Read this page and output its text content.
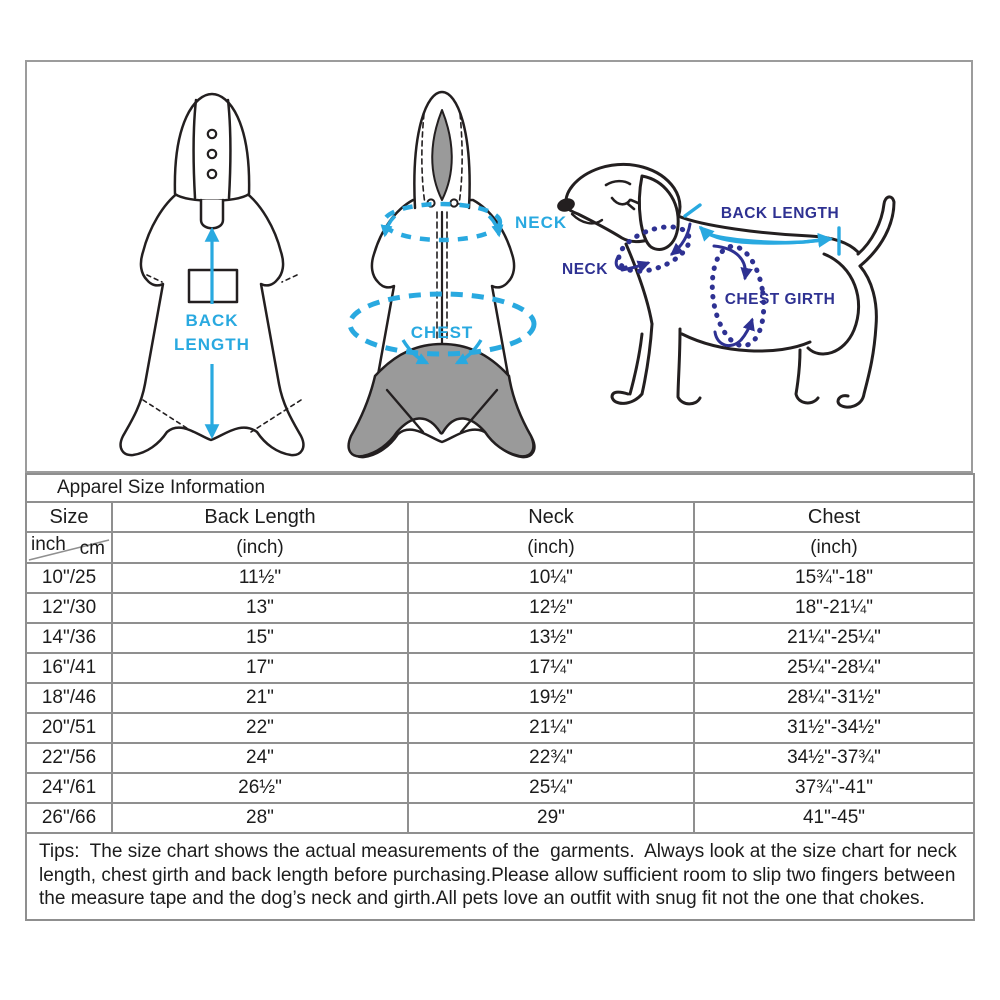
BACK
LENGTH
NECK
CHEST
NECK
CHEST GIRTH
BACK LENGTH
Apparel Size Information			
Size	Back Length	Neck	Chest

inch cm	(inch)	(inch)	(inch)
10"/25	11½"	10¼"	15¾"-18"
12"/30	13"	12½"	18"-21¼"
14"/36	15"	13½"	21¼"-25¼"
16"/41	17"	17¼"	25¼"-28¼"
18"/46	21"	19½"	28¼"-31½"
20"/51	22"	21¼"	31½"-34½"
22"/56	24"	22¾"	34½"-37¾"
24"/61	26½"	25¼"	37¾"-41"
26"/66	28"	29"	41"-45"
Tips:  The size chart shows the actual measurements of the  garments.  Always look at the size chart for neck length, chest girth and back length before purchasing.Please allow sufficient room to slip two fingers between the measure tape and the dog’s neck and girth.All pets love an outfit with snug fit not the one that chokes.			
